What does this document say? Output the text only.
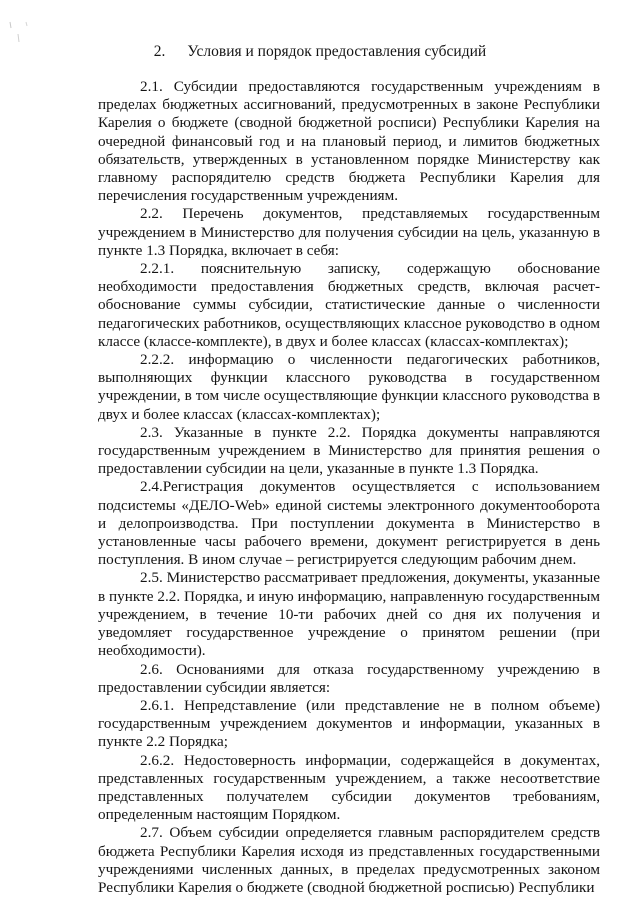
2. Условия и порядок предоставления субсидий

2.1. Субсидии предоставляются государственным учреждениям в пределах бюджетных ассигнований, предусмотренных в законе Республики Карелия о бюджете (сводной бюджетной росписи) Республики Карелия на очередной финансовый год и на плановый период, и лимитов бюджетных обязательств, утвержденных в установленном порядке Министерству как главному распорядителю средств бюджета Республики Карелия для перечисления государственным учреждениям.

2.2. Перечень документов, представляемых государственным учреждением в Министерство для получения субсидии на цель, указанную в пункте 1.3 Порядка, включает в себя:

2.2.1. пояснительную записку, содержащую обоснование необходимости предоставления бюджетных средств, включая расчет-обоснование суммы субсидии, статистические данные о численности педагогических работников, осуществляющих классное руководство в одном классе (классе-комплекте), в двух и более классах (классах-комплектах);

2.2.2. информацию о численности педагогических работников, выполняющих функции классного руководства в государственном учреждении, в том числе осуществляющие функции классного руководства в двух и более классах (классах-комплектах);

2.3. Указанные в пункте 2.2. Порядка документы направляются государственным учреждением в Министерство для принятия решения о предоставлении субсидии на цели, указанные в пункте 1.3 Порядка.

2.4.Регистрация документов осуществляется с использованием подсистемы «ДЕЛО-Web» единой системы электронного документооборота и делопроизводства. При поступлении документа в Министерство в установленные часы рабочего времени, документ регистрируется в день поступления. В ином случае – регистрируется следующим рабочим днем.

2.5. Министерство рассматривает предложения, документы, указанные в пункте 2.2. Порядка, и иную информацию, направленную государственным учреждением, в течение 10-ти рабочих дней со дня их получения и уведомляет государственное учреждение о принятом решении (при необходимости).

2.6. Основаниями для отказа государственному учреждению в предоставлении субсидии является:

2.6.1. Непредставление (или представление не в полном объеме) государственным учреждением документов и информации, указанных в пункте 2.2 Порядка;

2.6.2. Недостоверность информации, содержащейся в документах, представленных государственным учреждением, а также несоответствие представленных получателем субсидии документов требованиям, определенным настоящим Порядком.

2.7. Объем субсидии определяется главным распорядителем средств бюджета Республики Карелия исходя из представленных государственными учреждениями численных данных, в пределах предусмотренных законом Республики Карелия о бюджете (сводной бюджетной росписью) Республики
